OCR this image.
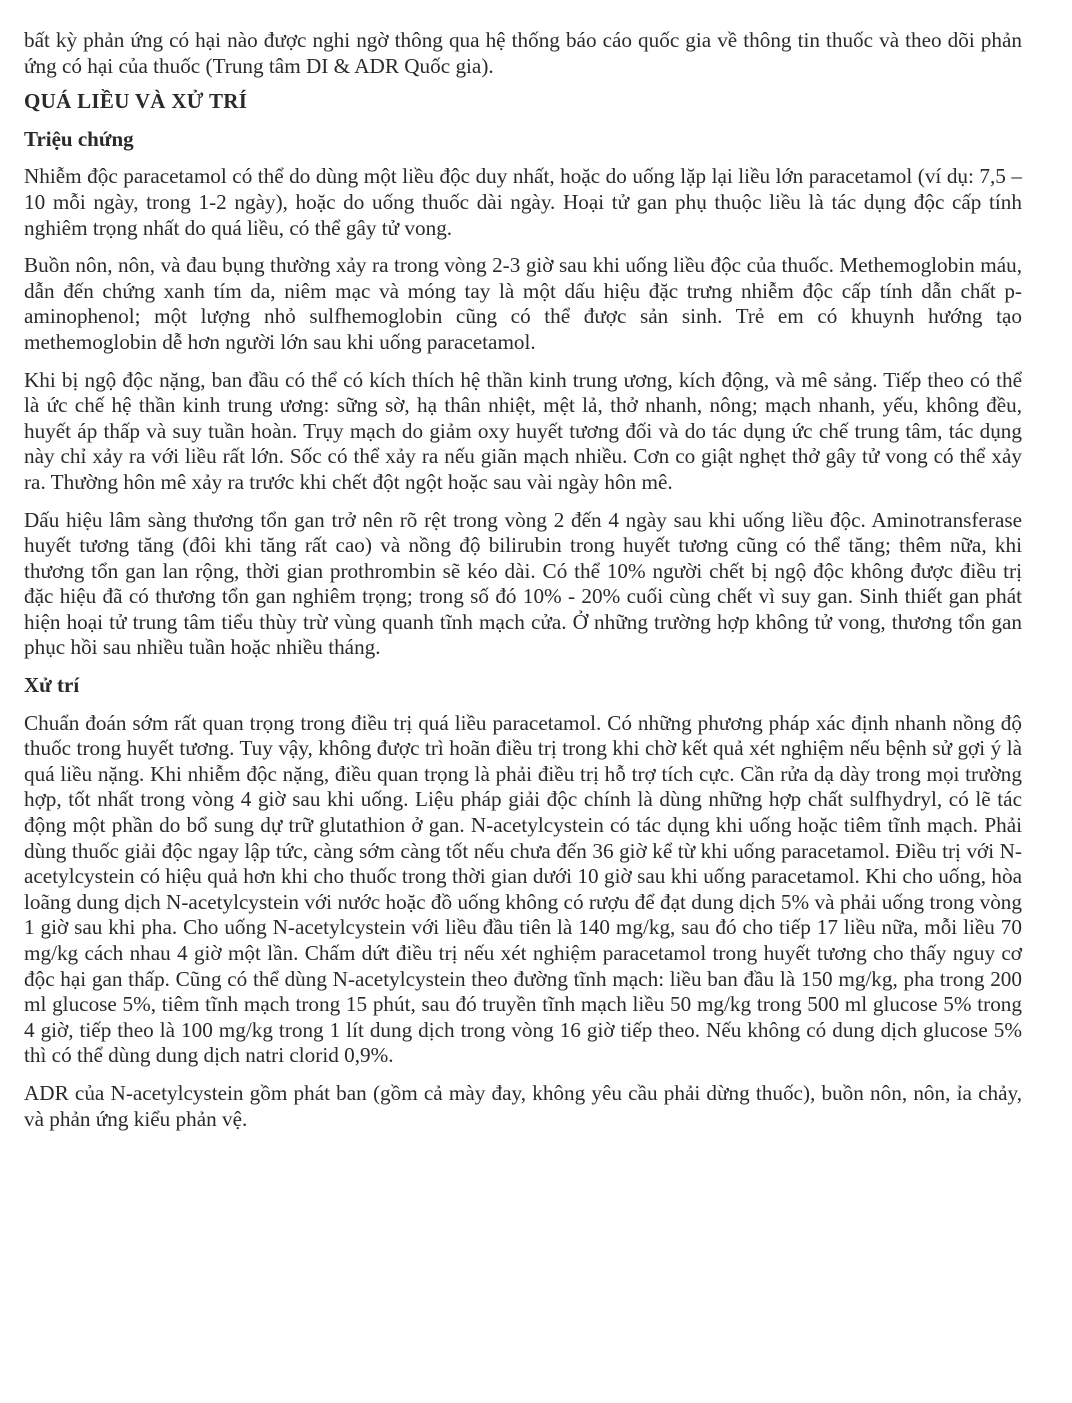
bất kỳ phản ứng có hại nào được nghi ngờ thông qua hệ thống báo cáo quốc gia về thông tin thuốc và theo dõi phản ứng có hại của thuốc (Trung tâm DI & ADR Quốc gia).

QUÁ LIỀU VÀ XỬ TRÍ
Triệu chứng

Nhiễm độc paracetamol có thể do dùng một liều độc duy nhất, hoặc do uống lặp lại liều lớn paracetamol (ví dụ: 7,5 – 10 mỗi ngày, trong 1-2 ngày), hoặc do uống thuốc dài ngày. Hoại tử gan phụ thuộc liều là tác dụng độc cấp tính nghiêm trọng nhất do quá liều, có thể gây tử vong.

Buồn nôn, nôn, và đau bụng thường xảy ra trong vòng 2-3 giờ sau khi uống liều độc của thuốc. Methemoglobin máu, dẫn đến chứng xanh tím da, niêm mạc và móng tay là một dấu hiệu đặc trưng nhiễm độc cấp tính dẫn chất p-aminophenol; một lượng nhỏ sulfhemoglobin cũng có thể được sản sinh. Trẻ em có khuynh hướng tạo methemoglobin dễ hơn người lớn sau khi uống paracetamol.

Khi bị ngộ độc nặng, ban đầu có thể có kích thích hệ thần kinh trung ương, kích động, và mê sảng. Tiếp theo có thể là ức chế hệ thần kinh trung ương: sững sờ, hạ thân nhiệt, mệt lả, thở nhanh, nông; mạch nhanh, yếu, không đều, huyết áp thấp và suy tuần hoàn. Trụy mạch do giảm oxy huyết tương đối và do tác dụng ức chế trung tâm, tác dụng này chỉ xảy ra với liều rất lớn. Sốc có thể xảy ra nếu giãn mạch nhiều. Cơn co giật nghẹt thở gây tử vong có thể xảy ra. Thường hôn mê xảy ra trước khi chết đột ngột hoặc sau vài ngày hôn mê.

Dấu hiệu lâm sàng thương tổn gan trở nên rõ rệt trong vòng 2 đến 4 ngày sau khi uống liều độc. Aminotransferase huyết tương tăng (đôi khi tăng rất cao) và nồng độ bilirubin trong huyết tương cũng có thể tăng; thêm nữa, khi thương tổn gan lan rộng, thời gian prothrombin sẽ kéo dài. Có thể 10% người chết bị ngộ độc không được điều trị đặc hiệu đã có thương tổn gan nghiêm trọng; trong số đó 10% - 20% cuối cùng chết vì suy gan. Sinh thiết gan phát hiện hoại tử trung tâm tiểu thùy trừ vùng quanh tĩnh mạch cửa. Ở những trường hợp không tử vong, thương tổn gan phục hồi sau nhiều tuần hoặc nhiều tháng.

Xử trí

Chuẩn đoán sớm rất quan trọng trong điều trị quá liều paracetamol. Có những phương pháp xác định nhanh nồng độ thuốc trong huyết tương. Tuy vậy, không được trì hoãn điều trị trong khi chờ kết quả xét nghiệm nếu bệnh sử gợi ý là quá liều nặng. Khi nhiễm độc nặng, điều quan trọng là phải điều trị hỗ trợ tích cực. Cần rửa dạ dày trong mọi trường hợp, tốt nhất trong vòng 4 giờ sau khi uống. Liệu pháp giải độc chính là dùng những hợp chất sulfhydryl, có lẽ tác động một phần do bổ sung dự trữ glutathion ở gan. N-acetylcystein có tác dụng khi uống hoặc tiêm tĩnh mạch. Phải dùng thuốc giải độc ngay lập tức, càng sớm càng tốt nếu chưa đến 36 giờ kể từ khi uống paracetamol. Điều trị với N-acetylcystein có hiệu quả hơn khi cho thuốc trong thời gian dưới 10 giờ sau khi uống paracetamol. Khi cho uống, hòa loãng dung dịch N-acetylcystein với nước hoặc đồ uống không có rượu để đạt dung dịch 5% và phải uống trong vòng 1 giờ sau khi pha. Cho uống N-acetylcystein với liều đầu tiên là 140 mg/kg, sau đó cho tiếp 17 liều nữa, mỗi liều 70 mg/kg cách nhau 4 giờ một lần. Chấm dứt điều trị nếu xét nghiệm paracetamol trong huyết tương cho thấy nguy cơ độc hại gan thấp. Cũng có thể dùng N-acetylcystein theo đường tĩnh mạch: liều ban đầu là 150 mg/kg, pha trong 200 ml glucose 5%, tiêm tĩnh mạch trong 15 phút, sau đó truyền tĩnh mạch liều 50 mg/kg trong 500 ml glucose 5% trong 4 giờ, tiếp theo là 100 mg/kg trong 1 lít dung dịch trong vòng 16 giờ tiếp theo. Nếu không có dung dịch glucose 5% thì có thể dùng dung dịch natri clorid 0,9%.

ADR của N-acetylcystein gồm phát ban (gồm cả mày đay, không yêu cầu phải dừng thuốc), buồn nôn, nôn, ỉa chảy, và phản ứng kiểu phản vệ.
